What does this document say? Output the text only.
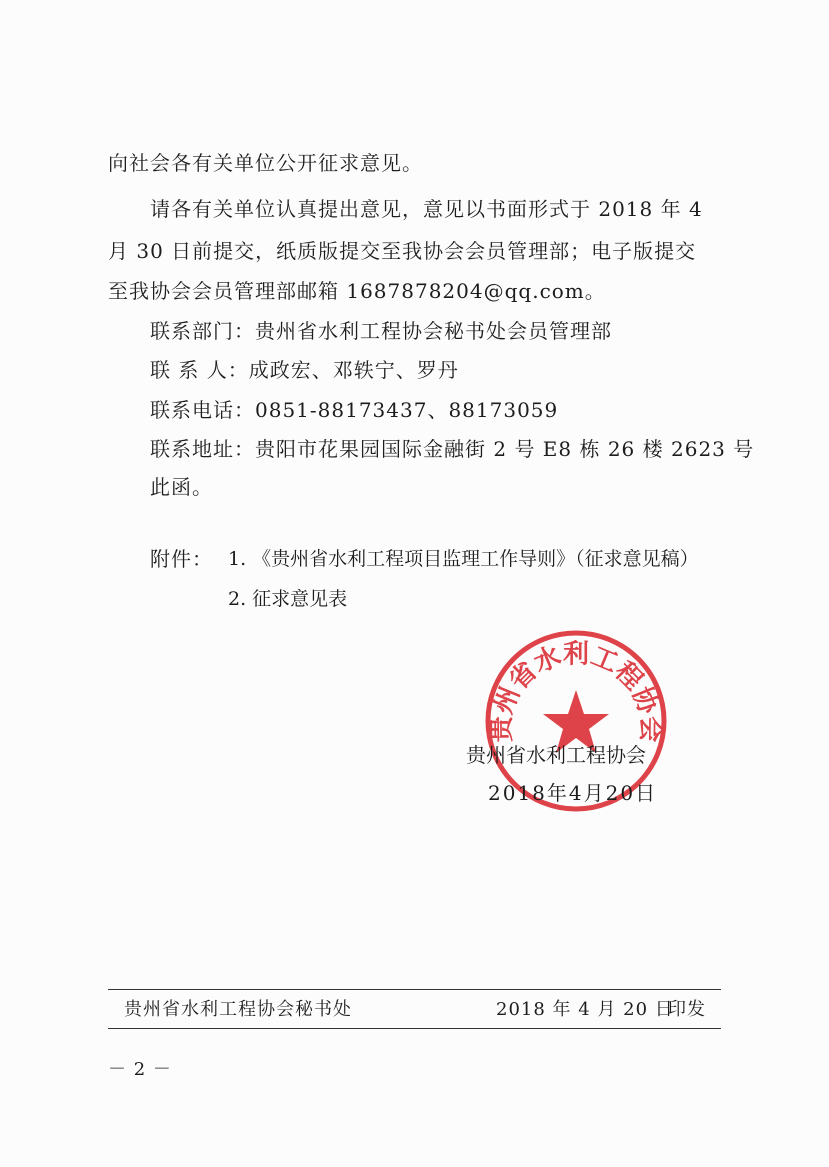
向社会各有关单位公开征求意见。
请各有关单位认真提出意见，意见以书面形式于 2018 年 4
月 30 日前提交，纸质版提交至我协会会员管理部；电子版提交
至我协会会员管理部邮箱 1687878204@qq.com。
联系部门：贵州省水利工程协会秘书处会员管理部
联 系 人：成政宏、邓轶宁、罗丹
联系电话：0851-88173437、88173059
联系地址：贵阳市花果园国际金融街 2 号 E8 栋 26 楼 2623 号
此函。
附件： 1. 《贵州省水利工程项目监理工作导则》（征求意见稿）
2. 征求意见表
贵州省水利工程协会
贵州省水利工程协会
2018年4月20日
贵州省水利工程协会秘书处	2018 年 4 月 20 日
印发
－ 2 －
